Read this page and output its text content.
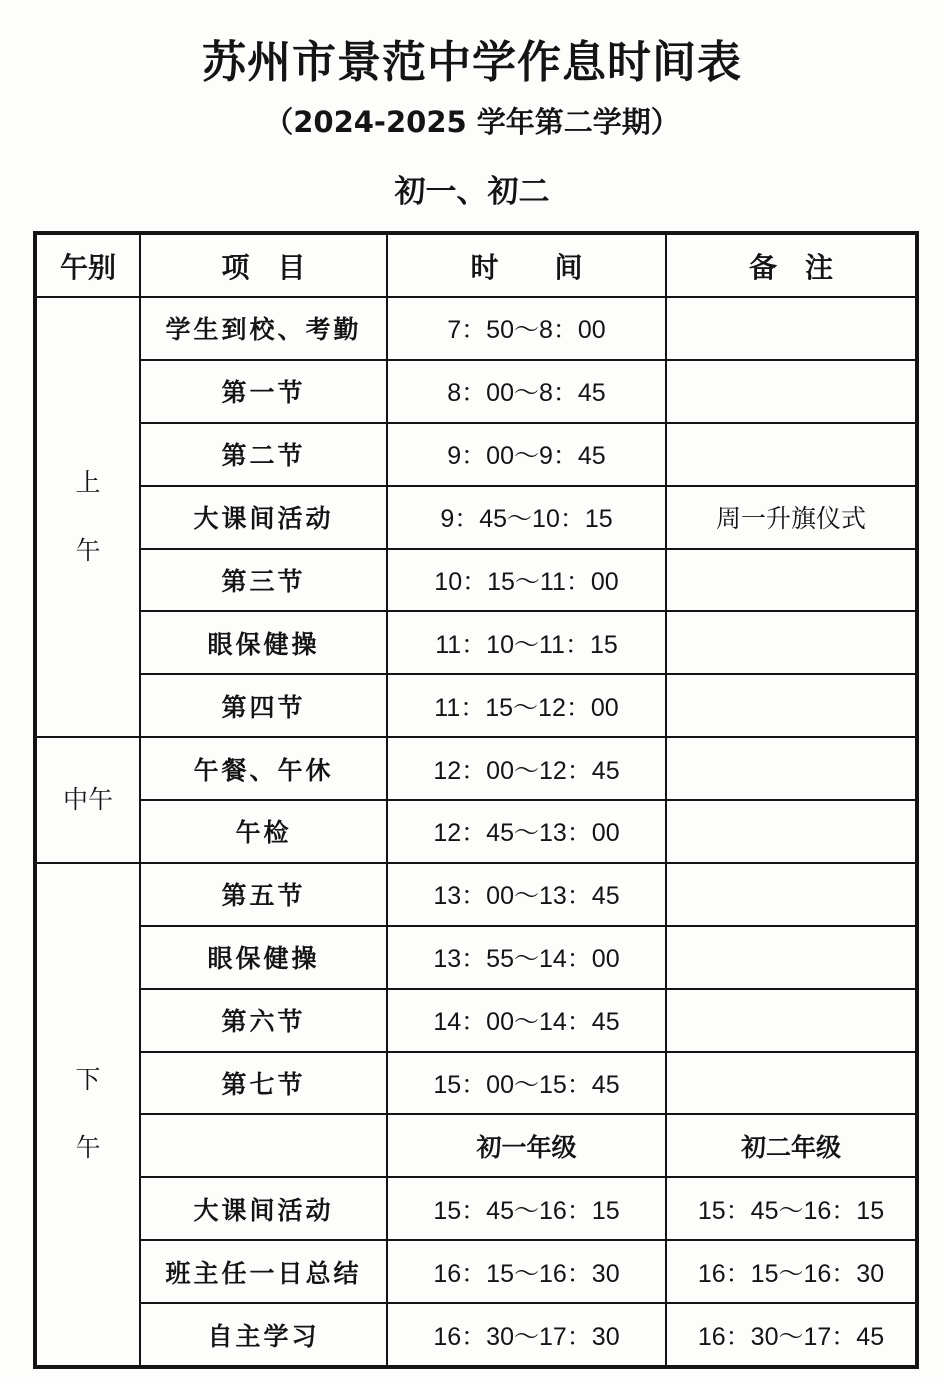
苏州市景范中学作息时间表
（2024-2025 学年第二学期）
初一、初二
午别	项　目	时　　间	备　注
上
午	学生到校、考勤	7：50～8：00	
	第一节	8：00～8：45	
	第二节	9：00～9：45	
	大课间活动	9：45～10：15	周一升旗仪式
	第三节	10：15～11：00	
	眼保健操	11：10～11：15	
	第四节	11：15～12：00	
中午	午餐、午休	12：00～12：45	
	午检	12：45～13：00	
下
午	第五节	13：00～13：45	
	眼保健操	13：55～14：00	
	第六节	14：00～14：45	
	第七节	15：00～15：45	
		初一年级	初二年级
	大课间活动	15：45～16：15	15：45～16：15
	班主任一日总结	16：15～16：30	16：15～16：30
	自主学习	16：30～17：30	16：30～17：45
